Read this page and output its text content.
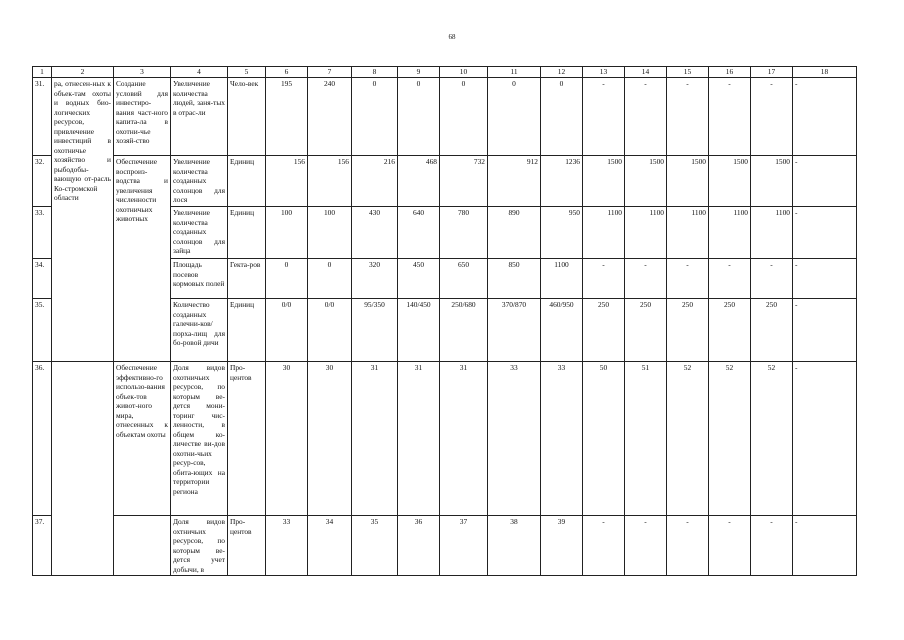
68
1	2	3	4	5	6	7	8	9	10	11	12	13	14	15	16	17	18
31.	ра, отнесен-ных к объек-там охоты и водных био-логических ресурсов, привлечение инвестиций в охотничье хозяйство и рыбодобы-вающую от-расль Ко-стромской области	Создание условий для инвестиро-вания част-ного капита-ла в охотни-чье хозяй-ство	Увеличение количества людей, заня-тых в отрас-ли	Чело-век	195	240	0	0	0	0	0	-	-	-	-	-	-
32.		Обеспечение воспроиз-водства и увеличения численности охотничьих животных	Увеличение количества созданных солонцов для лося	Единиц	156	156	216	468	732	912	1236	1500	1500	1500	1500	1500	-
33.			Увеличение количества созданных солонцов для зайца	Единиц	100	100	430	640	780	890	950	1100	1100	1100	1100	1100	-
34.			Площадь посевов кормовых полей	Гекта-ров	0	0	320	450	650	850	1100	-	-	-	-	-	-
35.			Количество созданных галечни-ков/порха-лищ для бо-ровой дичи	Единиц	0/0	0/0	95/350	140/450	250/680	370/870	460/950	250	250	250	250	250	-
36.		Обеспечение эффективно-го использо-вания объек-тов живот-ного мира, отнесенных к объектам охоты	Доля видов охотничьих ресурсов, по которым ве-дется мони-торинг чис-ленности, в общем ко-личестве ви-дов охотни-чьих ресур-сов, обита-ющих на территории региона	Про-центов	30	30	31	31	31	33	33	50	51	52	52	52	-
37.			Доля видов охтничьих ресурсов, по которым ве-дется учет добычи, в	Про-центов	33	34	35	36	37	38	39	-	-	-	-	-	-
